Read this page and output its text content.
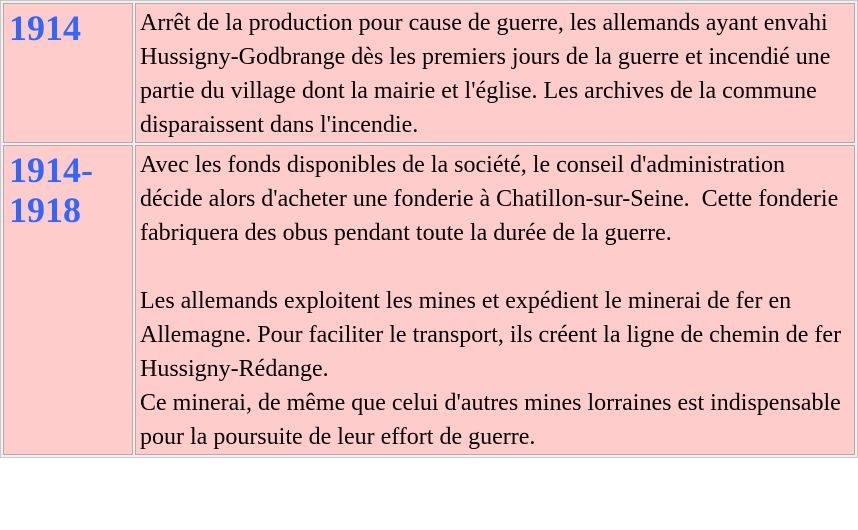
1914	Arrêt de la production pour cause de guerre, les allemands ayant envahi Hussigny-Godbrange dès les premiers jours de la guerre et incendié une partie du village dont la mairie et l'église. Les archives de la commune disparaissent dans l'incendie.

1914-
1918	Avec les fonds disponibles de la société, le conseil d'administration décide alors d'acheter une fonderie à Chatillon-sur-Seine.  Cette fonderie fabriquera des obus pendant toute la durée de la guerre.
Les allemands exploitent les mines et expédient le minerai de fer en Allemagne. Pour faciliter le transport, ils créent la ligne de chemin de fer Hussigny-Rédange.
Ce minerai, de même que celui d'autres mines lorraines est indispensable pour la poursuite de leur effort de guerre.
